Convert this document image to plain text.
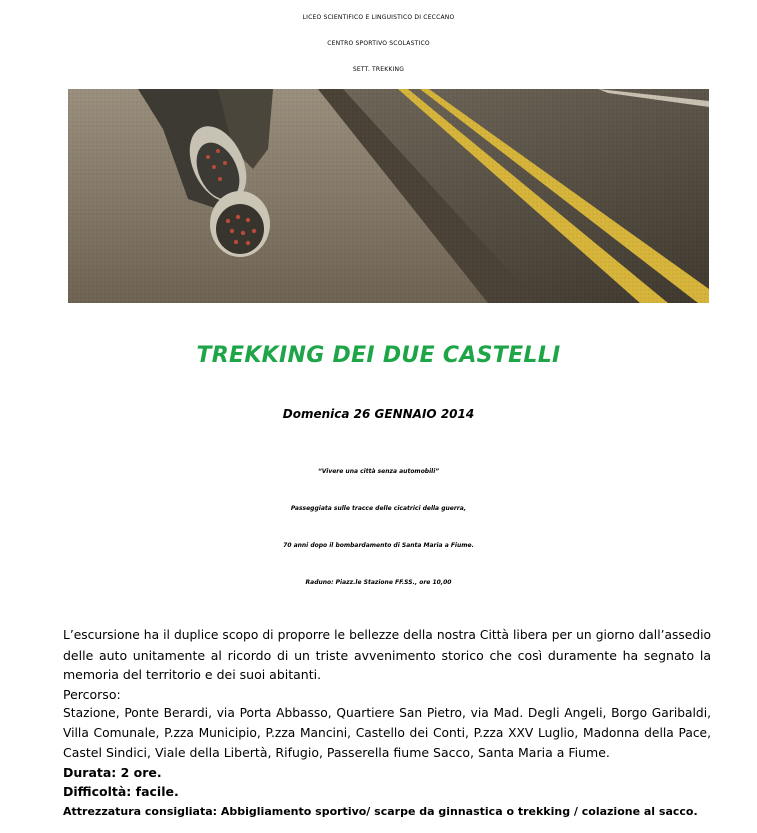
LICEO SCIENTIFICO E LINGUISTICO DI CECCANO
CENTRO SPORTIVO SCOLASTICO
SETT. TREKKING
TREKKING DEI DUE CASTELLI
Domenica 26 GENNAIO 2014
“Vivere una città senza automobili”
Passeggiata sulle tracce delle cicatrici della guerra,
70 anni dopo il bombardamento di Santa Maria a Fiume.
Raduno: Piazz.le Stazione FF.SS., ore 10,00
L’escursione ha il duplice scopo di proporre le bellezze della nostra Città libera per un giorno dall’assedio
delle auto unitamente al ricordo di un triste avvenimento storico che così duramente ha segnato la
memoria del territorio e dei suoi abitanti.
Percorso:
Stazione, Ponte Berardi, via Porta Abbasso, Quartiere San Pietro, via Mad. Degli Angeli, Borgo Garibaldi,
Villa Comunale, P.zza Municipio, P.zza Mancini, Castello dei Conti, P.zza XXV Luglio, Madonna della Pace,
Castel Sindici, Viale della Libertà, Rifugio, Passerella fiume Sacco, Santa Maria a Fiume.
Durata: 2 ore.
Difficoltà: facile.
Attrezzatura consigliata: Abbigliamento sportivo/ scarpe da ginnastica o trekking / colazione al sacco.
